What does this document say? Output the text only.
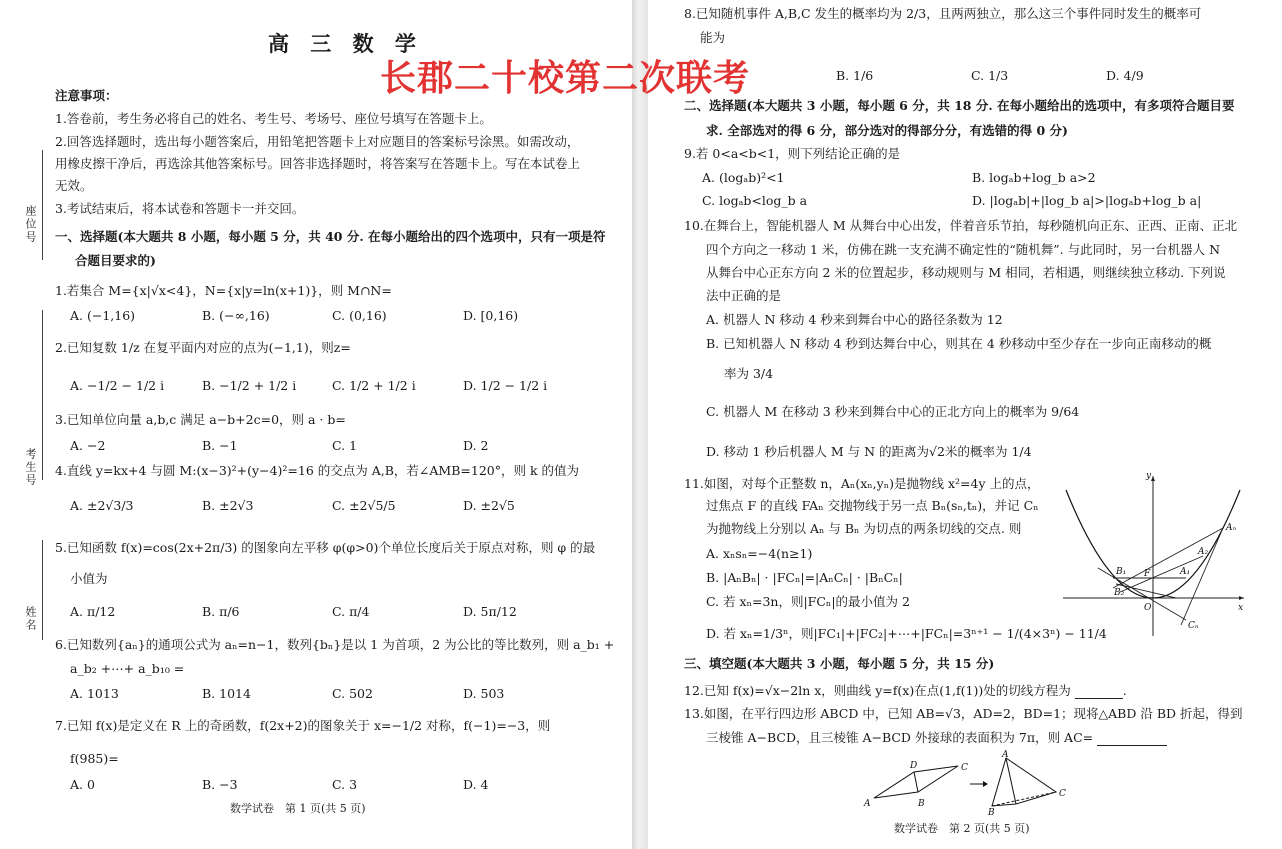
高 三 数 学
座位号
考生号
姓名
注意事项：
1.答卷前，考生务必将自己的姓名、考生号、考场号、座位号填写在答题卡上。
2.回答选择题时，选出每小题答案后，用铅笔把答题卡上对应题目的答案标号涂黑。如需改动，
用橡皮擦干净后，再选涂其他答案标号。回答非选择题时，将答案写在答题卡上。写在本试卷上
无效。
3.考试结束后，将本试卷和答题卡一并交回。
一、选择题(本大题共 8 小题，每小题 5 分，共 40 分. 在每小题给出的四个选项中，只有一项是符
合题目要求的)
1.若集合 M={x|√x<4}，N={x|y=ln(x+1)}，则 M∩N=
A. (−1,16)	B. (−∞,16)	C. (0,16)	D. [0,16)
2.已知复数 1/z 在复平面内对应的点为(−1,1)，则z=
A. −1/2 − 1/2 i	B. −1/2 + 1/2 i	C. 1/2 + 1/2 i	D. 1/2 − 1/2 i
3.已知单位向量 a,b,c 满足 a−b+2c=0，则 a · b=
A. −2	B. −1	C. 1	D. 2
4.直线 y=kx+4 与圆 M:(x−3)²+(y−4)²=16 的交点为 A,B，若∠AMB=120°，则 k 的值为
A. ±2√3/3	B. ±2√3	C. ±2√5/5	D. ±2√5
5.已知函数 f(x)=cos(2x+2π/3) 的图象向左平移 φ(φ>0)个单位长度后关于原点对称，则 φ 的最
小值为
A. π/12	B. π/6	C. π/4	D. 5π/12
6.已知数列{aₙ}的通项公式为 aₙ=n−1，数列{bₙ}是以 1 为首项，2 为公比的等比数列，则 a_b₁ +
a_b₂ +⋯+ a_b₁₀ =
A. 1013	B. 1014	C. 502	D. 503
7.已知 f(x)是定义在 R 上的奇函数，f(2x+2)的图象关于 x=−1/2 对称，f(−1)=−3，则
f(985)=
A. 0	B. −3	C. 3	D. 4
数学试卷　第 1 页(共 5 页)
8.已知随机事件 A,B,C 发生的概率均为 2/3，且两两独立，那么这三个事件同时发生的概率可
能为
B. 1/6	C. 1/3	D. 4/9
二、选择题(本大题共 3 小题，每小题 6 分，共 18 分. 在每小题给出的选项中，有多项符合题目要
求. 全部选对的得 6 分，部分选对的得部分分，有选错的得 0 分)
9.若 0<a<b<1，则下列结论正确的是
A. (logₐb)²<1	B. logₐb+log_b a>2
C. logₐb<log_b a	D. |logₐb|+|log_b a|>|logₐb+log_b a|
10.在舞台上，智能机器人 M 从舞台中心出发，伴着音乐节拍，每秒随机向正东、正西、正南、正北
四个方向之一移动 1 米，仿佛在跳一支充满不确定性的“随机舞”. 与此同时，另一台机器人 N
从舞台中心正东方向 2 米的位置起步，移动规则与 M 相同，若相遇，则继续独立移动. 下列说
法中正确的是
A. 机器人 N 移动 4 秒来到舞台中心的路径条数为 12
B. 已知机器人 N 移动 4 秒到达舞台中心，则其在 4 秒移动中至少存在一步向正南移动的概
率为 3/4
C. 机器人 M 在移动 3 秒来到舞台中心的正北方向上的概率为 9/64
D. 移动 1 秒后机器人 M 与 N 的距离为√2米的概率为 1/4
11.如图，对每个正整数 n，Aₙ(xₙ,yₙ)是抛物线 x²=4y 上的点，
过焦点 F 的直线 FAₙ 交抛物线于另一点 Bₙ(sₙ,tₙ)，并记 Cₙ
为抛物线上分别以 Aₙ 与 Bₙ 为切点的两条切线的交点. 则
A. xₙsₙ=−4(n≥1)
B. |AₙBₙ| · |FCₙ|=|AₙCₙ| · |BₙCₙ|
C. 若 xₙ=3n，则|FCₙ|的最小值为 2
D. 若 xₙ=1/3ⁿ，则|FC₁|+|FC₂|+⋯+|FCₙ|=3ⁿ⁺¹ − 1/(4×3ⁿ) − 11/4
三、填空题(本大题共 3 小题，每小题 5 分，共 15 分)
12.已知 f(x)=√x−2ln x，则曲线 y=f(x)在点(1,f(1))处的切线方程为	.
13.如图，在平行四边形 ABCD 中，已知 AB=√3，AD=2，BD=1；现将△ABD 沿 BD 折起，得到
三棱锥 A−BCD，且三棱锥 A−BCD 外接球的表面积为 7π，则 AC=
数学试卷　第 2 页(共 5 页)
y
x
O
F
Aₙ
A₂
A₁
B₁
B₂
Cₙ
A	B
C
D
A
B
C
长郡二十校第二次联考
